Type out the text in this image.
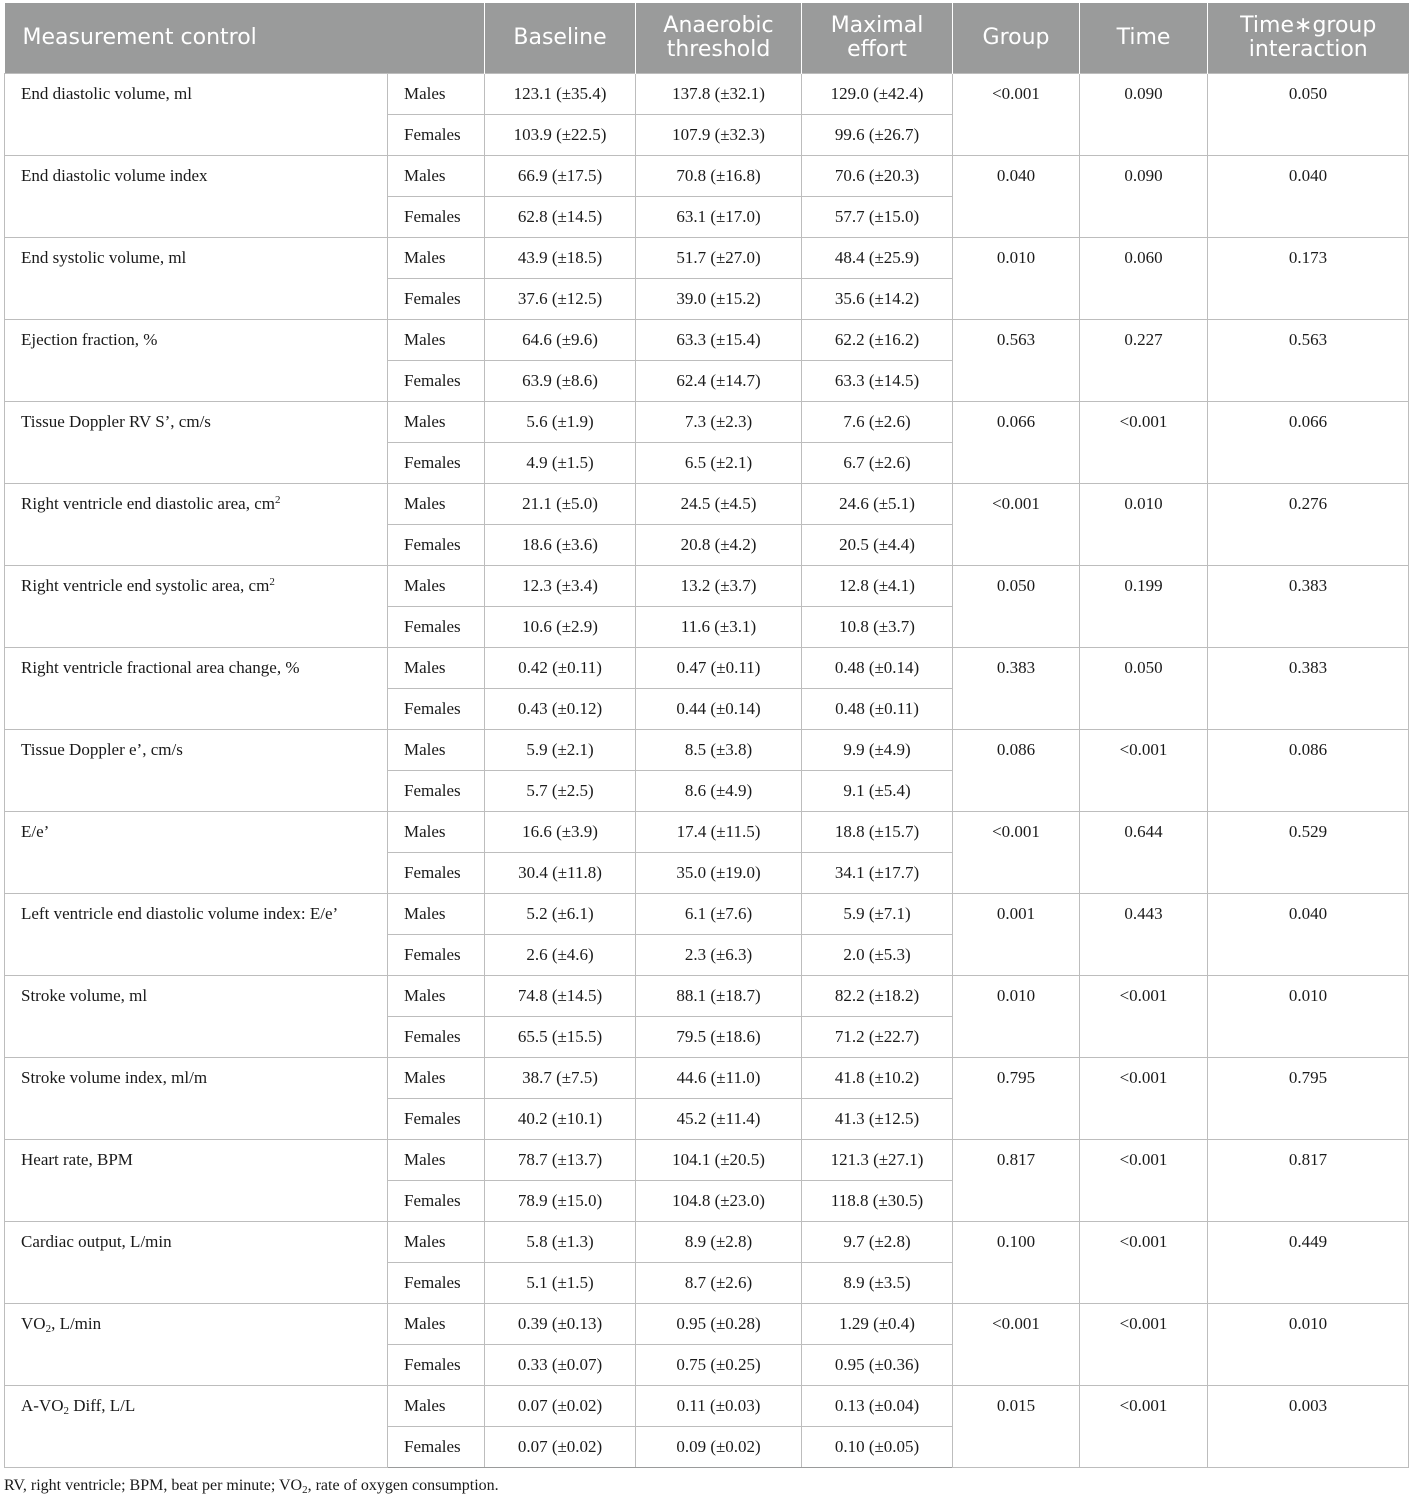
Measurement control		Baseline	Anaerobic threshold	Maximal effort	Group	Time	Time∗group interaction
End diastolic volume, ml	Males	123.1 (±35.4)	137.8 (±32.1)	129.0 (±42.4)	<0.001	0.090	0.050
	Females	103.9 (±22.5)	107.9 (±32.3)	99.6 (±26.7)			
End diastolic volume index	Males	66.9 (±17.5)	70.8 (±16.8)	70.6 (±20.3)	0.040	0.090	0.040
	Females	62.8 (±14.5)	63.1 (±17.0)	57.7 (±15.0)			
End systolic volume, ml	Males	43.9 (±18.5)	51.7 (±27.0)	48.4 (±25.9)	0.010	0.060	0.173
	Females	37.6 (±12.5)	39.0 (±15.2)	35.6 (±14.2)			
Ejection fraction, %	Males	64.6 (±9.6)	63.3 (±15.4)	62.2 (±16.2)	0.563	0.227	0.563
	Females	63.9 (±8.6)	62.4 (±14.7)	63.3 (±14.5)			
Tissue Doppler RV S’, cm/s	Males	5.6 (±1.9)	7.3 (±2.3)	7.6 (±2.6)	0.066	<0.001	0.066
	Females	4.9 (±1.5)	6.5 (±2.1)	6.7 (±2.6)			
Right ventricle end diastolic area, $cm^2$	Males	21.1 (±5.0)	24.5 (±4.5)	24.6 (±5.1)	<0.001	0.010	0.276
	Females	18.6 (±3.6)	20.8 (±4.2)	20.5 (±4.4)			
Right ventricle end systolic area, $cm^2$	Males	12.3 (±3.4)	13.2 (±3.7)	12.8 (±4.1)	0.050	0.199	0.383
	Females	10.6 (±2.9)	11.6 (±3.1)	10.8 (±3.7)			
Right ventricle fractional area change, %	Males	0.42 (±0.11)	0.47 (±0.11)	0.48 (±0.14)	0.383	0.050	0.383
	Females	0.43 (±0.12)	0.44 (±0.14)	0.48 (±0.11)			
Tissue Doppler e’, cm/s	Males	5.9 (±2.1)	8.5 (±3.8)	9.9 (±4.9)	0.086	<0.001	0.086
	Females	5.7 (±2.5)	8.6 (±4.9)	9.1 (±5.4)			
E/e’	Males	16.6 (±3.9)	17.4 (±11.5)	18.8 (±15.7)	<0.001	0.644	0.529
	Females	30.4 (±11.8)	35.0 (±19.0)	34.1 (±17.7)			
Left ventricle end diastolic volume index: E/e’	Males	5.2 (±6.1)	6.1 (±7.6)	5.9 (±7.1)	0.001	0.443	0.040
	Females	2.6 (±4.6)	2.3 (±6.3)	2.0 (±5.3)			
Stroke volume, ml	Males	74.8 (±14.5)	88.1 (±18.7)	82.2 (±18.2)	0.010	<0.001	0.010
	Females	65.5 (±15.5)	79.5 (±18.6)	71.2 (±22.7)			
Stroke volume index, ml/m	Males	38.7 (±7.5)	44.6 (±11.0)	41.8 (±10.2)	0.795	<0.001	0.795
	Females	40.2 (±10.1)	45.2 (±11.4)	41.3 (±12.5)			
Heart rate, BPM	Males	78.7 (±13.7)	104.1 (±20.5)	121.3 (±27.1)	0.817	<0.001	0.817
	Females	78.9 (±15.0)	104.8 (±23.0)	118.8 (±30.5)			
Cardiac output, L/min	Males	5.8 (±1.3)	8.9 (±2.8)	9.7 (±2.8)	0.100	<0.001	0.449
	Females	5.1 (±1.5)	8.7 (±2.6)	8.9 (±3.5)			
$VO_2$, L/min	Males	0.39 (±0.13)	0.95 (±0.28)	1.29 (±0.4)	<0.001	<0.001	0.010
	Females	0.33 (±0.07)	0.75 (±0.25)	0.95 (±0.36)			
$A-VO_2$ Diff, L/L	Males	0.07 (±0.02)	0.11 (±0.03)	0.13 (±0.04)	0.015	<0.001	0.003
	Females	0.07 (±0.02)	0.09 (±0.02)	0.10 (±0.05)			
RV, right ventricle; BPM, beat per minute; $VO_2$, rate of oxygen consumption.
